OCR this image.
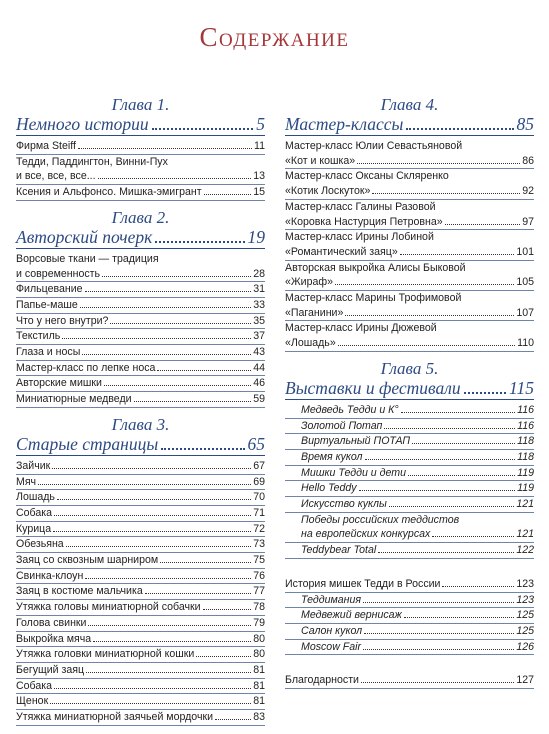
Содержание
Глава 1.
Немного истории	5
Фирма Steiff	11
Тедди, Паддингтон, Винни-Пух
и все, все, все...	13
Ксения и Альфонсо. Мишка-эмигрант	15
Глава 2.
Авторский почерк	19
Ворсовые ткани — традиция
и современность	28
Фильцевание	31
Папье-маше	33
Что у него внутри?	35
Текстиль	37
Глаза и носы	43
Мастер-класс по лепке носа	44
Авторские мишки	46
Миниатюрные медведи	59
Глава 3.
Старые страницы	65
Зайчик	67
Мяч	69
Лошадь	70
Собака	71
Курица	72
Обезьяна	73
Заяц со сквозным шарниром	75
Свинка-клоун	76
Заяц в костюме мальчика	77
Утяжка головы миниатюрной собачки	78
Голова свинки	79
Выкройка мяча	80
Утяжка головки миниатюрной кошки	80
Бегущий заяц	81
Собака	81
Щенок	81
Утяжка миниатюрной заячьей мордочки	83
Глава 4.
Мастер-классы	85
Мастер-класс Юлии Севастьяновой
«Кот и кошка»	86
Мастер-класс Оксаны Скляренко
«Котик Лоскуток»	92
Мастер-класс Галины Разовой
«Коровка Настурция Петровна»	97
Мастер-класс Ирины Лобиной
«Романтический заяц»	101
Авторская выкройка Алисы Быковой
«Жираф»	105
Мастер-класс Марины Трофимовой
«Паганини»	107
Мастер-класс Ирины Дюжевой
«Лошадь»	110
Глава 5.
Выставки и фестивали	115
Медведь Тедди и К°	116
Золотой Потап	116
Виртуальный ПОТАП	118
Время кукол	118
Мишки Тедди и дети	119
Hello Teddy	119
Искусство куклы	121
Победы российских теддистов
на европейских конкурсах	121
Teddybear Total	122
История мишек Тедди в России	123
Теддимания	123
Медвежий вернисаж	125
Салон кукол	125
Moscow Fair	126
Благодарности	127
